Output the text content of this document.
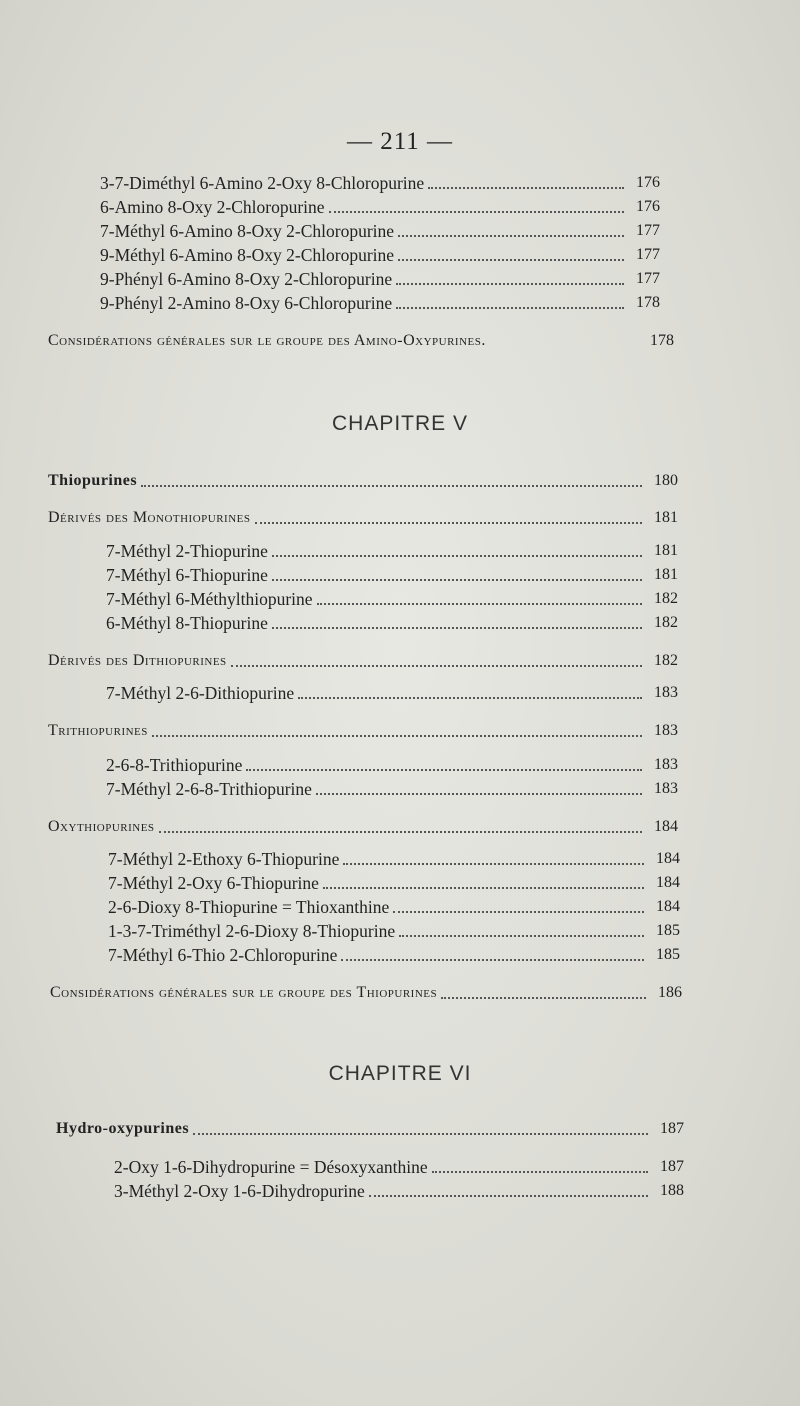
— 211 —
3-7-Diméthyl 6-Amino 2-Oxy 8-Chloropurine	176
6-Amino 8-Oxy 2-Chloropurine	176
7-Méthyl 6-Amino 8-Oxy 2-Chloropurine	177
9-Méthyl 6-Amino 8-Oxy 2-Chloropurine	177
9-Phényl 6-Amino 8-Oxy 2-Chloropurine	177
9-Phényl 2-Amino 8-Oxy 6-Chloropurine	178
Considérations générales sur le groupe des Amino-Oxypurines.	178
CHAPITRE V
Thiopurines	180
Dérivés des Monothiopurines	181
7-Méthyl 2-Thiopurine	181
7-Méthyl 6-Thiopurine	181
7-Méthyl 6-Méthylthiopurine	182
6-Méthyl 8-Thiopurine	182
Dérivés des Dithiopurines	182
7-Méthyl 2-6-Dithiopurine	183
Trithiopurines	183
2-6-8-Trithiopurine	183
7-Méthyl 2-6-8-Trithiopurine	183
Oxythiopurines	184
7-Méthyl 2-Ethoxy 6-Thiopurine	184
7-Méthyl 2-Oxy 6-Thiopurine	184
2-6-Dioxy 8-Thiopurine = Thioxanthine	184
1-3-7-Triméthyl 2-6-Dioxy 8-Thiopurine	185
7-Méthyl 6-Thio 2-Chloropurine	185
Considérations générales sur le groupe des Thiopurines	186
CHAPITRE VI
Hydro-oxypurines	187
2-Oxy 1-6-Dihydropurine = Désoxyxanthine	187
3-Méthyl 2-Oxy 1-6-Dihydropurine	188
